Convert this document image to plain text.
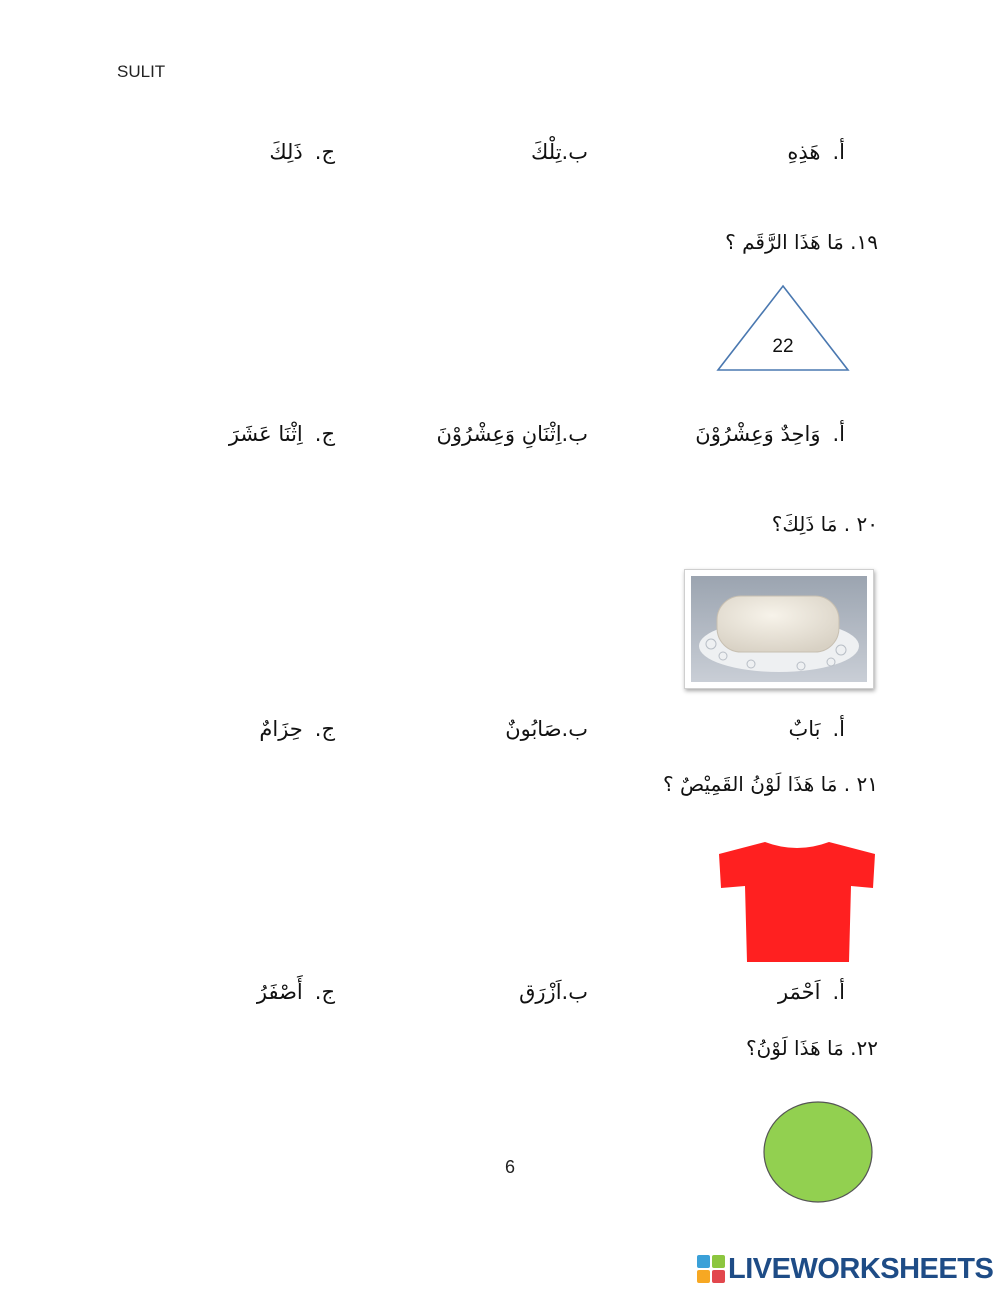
SULIT
أ.هَذِهِ
ب.تِلْكَ
ج.ذَلِكَ
١٩. مَا هَذَا الرَّقَم ؟
22
أ.وَاحِدٌ وَعِشْرُوْنَ
ب.اِثْنَانِ وَعِشْرُوْنَ
ج.اِثْنَا عَشَرَ
٢٠ . مَا ذَلِكَ؟
أ.بَابٌ
ب.صَابُونٌ
ج.حِزَامٌ
٢١ . مَا هَذَا لَوْنُ القَمِيْصٌ ؟
أ.اَحْمَر
ب.اَزْرَق
ج.أَصْفَرُ
٢٢. مَا هَذَا لَوْنُ؟
6
LIVEWORKSHEETS
